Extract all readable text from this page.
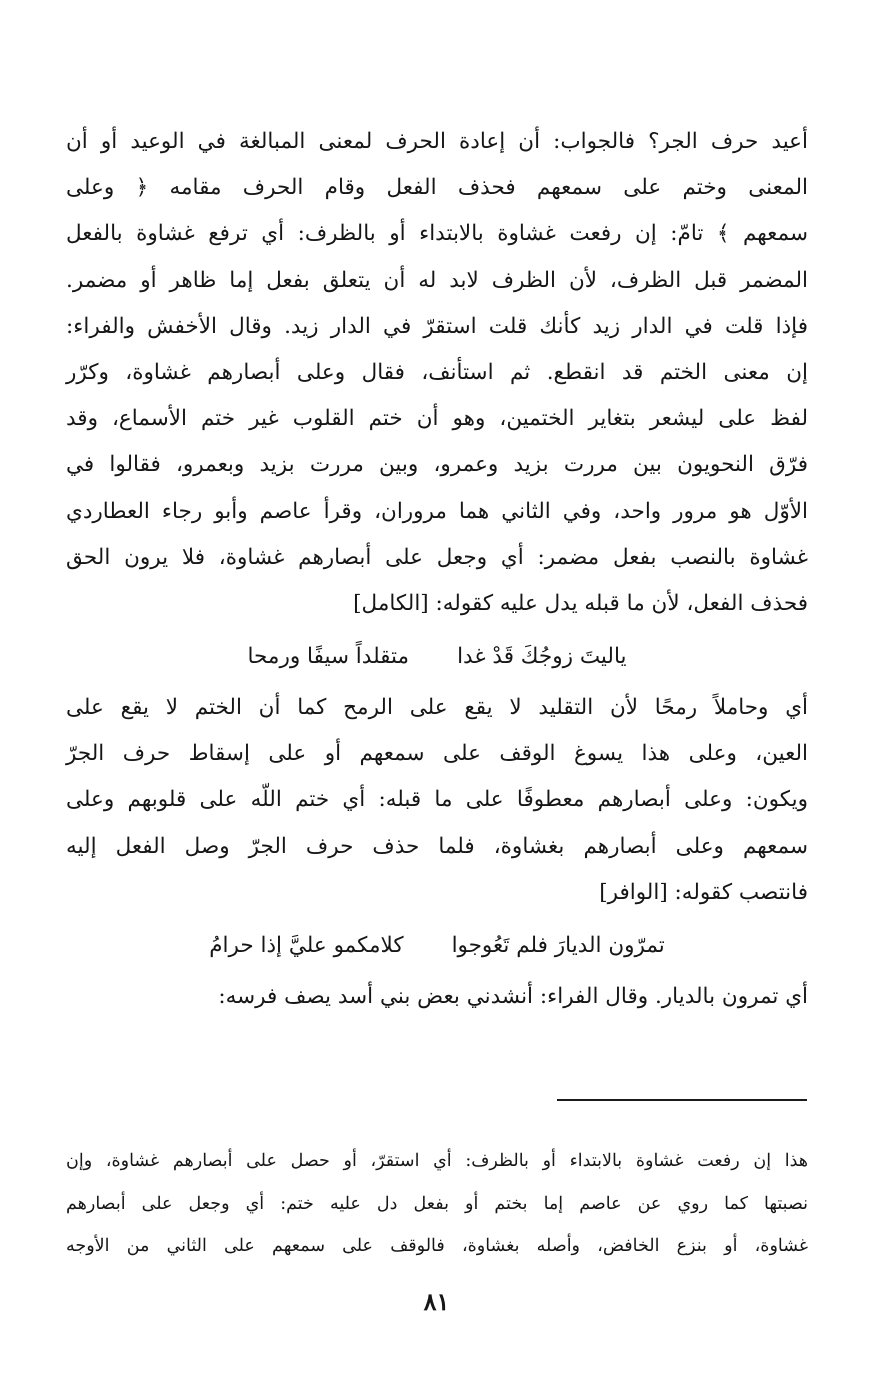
أعيد حرف الجر؟ فالجواب: أن إعادة الحرف لمعنى المبالغة في الوعيد أو أن
المعنى وختم على سمعهم فحذف الفعل وقام الحرف مقامه ﴿ وعلى
سمعهم ﴾ تامّ: إن رفعت غشاوة بالابتداء أو بالظرف: أي ترفع غشاوة بالفعل
المضمر قبل الظرف، لأن الظرف لابد له أن يتعلق بفعل إما ظاهر أو مضمر.
فإذا قلت في الدار زيد كأنك قلت استقرّ في الدار زيد. وقال الأخفش والفراء:
إن معنى الختم قد انقطع. ثم استأنف، فقال وعلى أبصارهم غشاوة، وكرّر
لفظ على ليشعر بتغاير الختمين، وهو أن ختم القلوب غير ختم الأسماع، وقد
فرّق النحويون بين مررت بزيد وعمرو، وبين مررت بزيد وبعمرو، فقالوا في
الأوّل هو مرور واحد، وفي الثاني هما مروران، وقرأ عاصم وأبو رجاء العطاردي
غشاوة بالنصب بفعل مضمر: أي وجعل على أبصارهم غشاوة، فلا يرون الحق
فحذف الفعل، لأن ما قبله يدل عليه كقوله: [الكامل]
ياليتَ زوجُكَ قَدْ غدا
متقلداً سيفًا ورمحا
أي وحاملاً رمحًا لأن التقليد لا يقع على الرمح كما أن الختم لا يقع على
العين، وعلى هذا يسوغ الوقف على سمعهم أو على إسقاط حرف الجرّ
ويكون: وعلى أبصارهم معطوفًا على ما قبله: أي ختم اللّه على قلوبهم وعلى
سمعهم وعلى أبصارهم بغشاوة، فلما حذف حرف الجرّ وصل الفعل إليه
فانتصب كقوله: [الوافر]
تمرّون الديارَ فلم تَعُوجوا
كلامكمو عليَّ إذا حرامُ
أي تمرون بالديار. وقال الفراء: أنشدني بعض بني أسد يصف فرسه:
هذا إن رفعت غشاوة بالابتداء أو بالظرف: أي استقرّ، أو حصل على أبصارهم غشاوة، وإن
نصبتها كما روي عن عاصم إما بختم أو بفعل دل عليه ختم: أي وجعل على أبصارهم
غشاوة، أو بنزع الخافض، وأصله بغشاوة، فالوقف على سمعهم على الثاني من الأوجه
٨١
